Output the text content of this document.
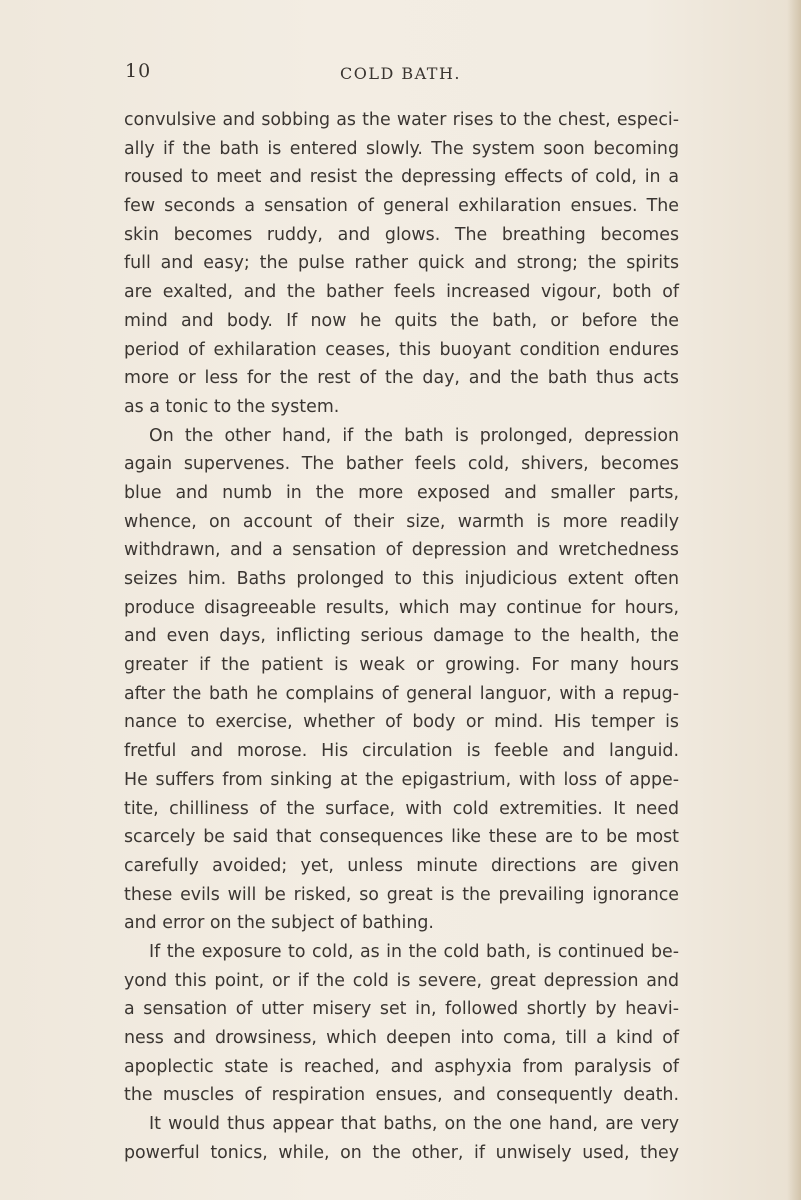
10	COLD BATH.
convulsive and sobbing as the water rises to the chest, especi-
ally if the bath is entered slowly. The system soon becoming
roused to meet and resist the depressing effects of cold, in a
few seconds a sensation of general exhilaration ensues. The
skin becomes ruddy, and glows. The breathing becomes
full and easy; the pulse rather quick and strong; the spirits
are exalted, and the bather feels increased vigour, both of
mind and body. If now he quits the bath, or before the
period of exhilaration ceases, this buoyant condition endures
more or less for the rest of the day, and the bath thus acts
as a tonic to the system.
On the other hand, if the bath is prolonged, depression
again supervenes. The bather feels cold, shivers, becomes
blue and numb in the more exposed and smaller parts,
whence, on account of their size, warmth is more readily
withdrawn, and a sensation of depression and wretchedness
seizes him. Baths prolonged to this injudicious extent often
produce disagreeable results, which may continue for hours,
and even days, inflicting serious damage to the health, the
greater if the patient is weak or growing. For many hours
after the bath he complains of general languor, with a repug-
nance to exercise, whether of body or mind. His temper is
fretful and morose. His circulation is feeble and languid.
He suffers from sinking at the epigastrium, with loss of appe-
tite, chilliness of the surface, with cold extremities. It need
scarcely be said that consequences like these are to be most
carefully avoided; yet, unless minute directions are given
these evils will be risked, so great is the prevailing ignorance
and error on the subject of bathing.
If the exposure to cold, as in the cold bath, is continued be-
yond this point, or if the cold is severe, great depression and
a sensation of utter misery set in, followed shortly by heavi-
ness and drowsiness, which deepen into coma, till a kind of
apoplectic state is reached, and asphyxia from paralysis of
the muscles of respiration ensues, and consequently death.
It would thus appear that baths, on the one hand, are very
powerful tonics, while, on the other, if unwisely used, they
